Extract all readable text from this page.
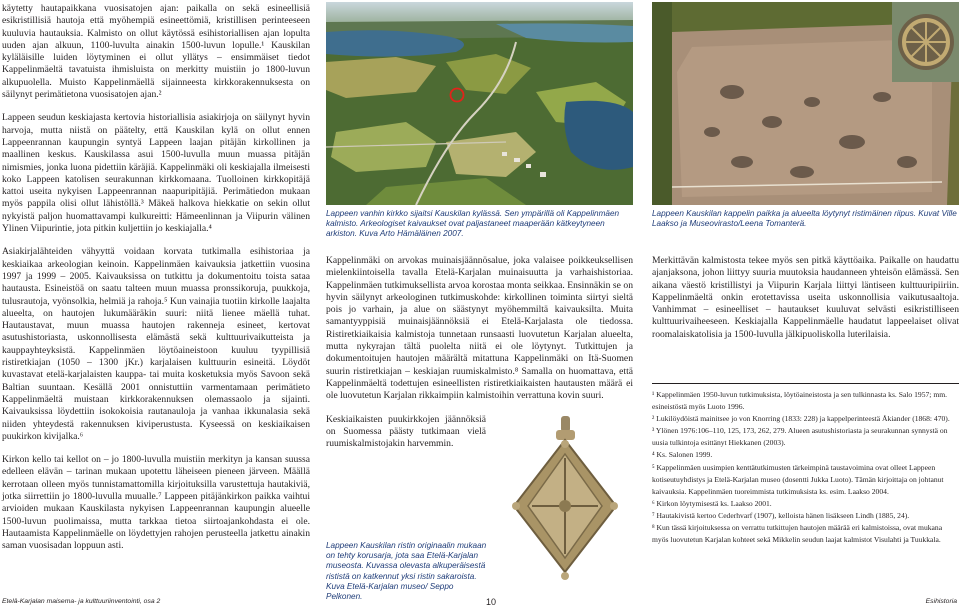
käytetty hautapaikkana vuosisatojen ajan: paikalla on sekä esineellisiä esikristillisiä hautoja että myöhempiä esineettömiä, kristillisen perinteeseen kuuluvia hautauksia. Kalmisto on ollut käytössä esihistoriallisen ajan lopulta uuden ajan alkuun, 1100-luvulta ainakin 1500-luvun lopulle.¹ Kauskilan kyläläisille luiden löytyminen ei ollut yllätys – ensimmäiset tiedot Kappelinmäeltä tavatuista ihmisluista on merkitty muistiin jo 1800-luvun alkupuolella. Muisto Kappelinmäellä sijainneesta kirkkorakennuksesta on säilynyt perimätietona vuosisatojen ajan.²

Lappeen seudun keskiajasta kertovia historiallisia asiakirjoja on säilynyt hyvin harvoja, mutta niistä on päätelty, että Kauskilan kylä on ollut ennen Lappeenrannan kaupungin syntyä Lappeen laajan pitäjän kirkollinen ja maallinen keskus. Kauskilassa asui 1500-luvulla muun muassa pitäjän nimismies, jonka luona pidettiin käräjiä. Kappelinmäki oli keskiajalla ilmeisesti koko Lappeen katolisen seurakunnan kirkkomaana. Tuolloinen kirkkopitäjä kattoi useita nykyisen Lappeenrannan naapuripitäjiä. Perimätiedon mukaan myös pappila olisi ollut lähistöllä.³ Mäkeä halkova hiekkatie on sekin ollut nykyistä paljon huomattavampi kulkureitti: Hämeenlinnan ja Viipurin välinen Ylinen Viipurintie, jota pitkin kuljettiin jo keskiajalla.⁴

Asiakirjalähteiden vähyyttä voidaan korvata tutkimalla esihistoriaa ja keskiaikaa arkeologian keinoin. Kappelinmäen kaivauksia jatkettiin vuosina 1997 ja 1999 – 2005. Kaivauksissa on tutkittu ja dokumentoitu toista sataa hautausta. Esineistöä on saatu talteen muun muassa pronssikoruja, puukkoja, tulusrautoja, vyönsolkia, helmiä ja rahoja.⁵ Kun vainajia tuotiin kirkolle laajalta alueelta, on hautojen lukumääräkin suuri: niitä lienee mäellä tuhat. Hautaustavat, muun muassa hautojen rakenneja esineet, kertovat asutushistoriasta, uskonnollisesta elämästä sekä kulttuurivaikutteista ja kauppayhteyksistä. Kappelinmäen löytöaineistoon kuuluu tyypillisiä ristiretkiajan (1050 – 1300 jKr.) karjalaisen kulttuurin esineitä. Löydöt kuvastavat etelä-karjalaisten kauppa- tai muita kosketuksia myös Savoon sekä Baltian suuntaan. Kesällä 2001 onnistuttiin varmentamaan perimätieto Kappelinmäeltä muistaan kirkkorakennuksen olemassaolo ja sijainti. Kaivauksissa löydettiin isokokoisia rautanauloja ja vanhaa ikkunalasia sekä niiden yhteydestä rakennuksen kiviperustusta. Kyseessä on keskiaikaisen puukirkon kivijalka.⁶

Kirkon kello tai kellot on – jo 1800-luvulla muistiin merkityn ja kansan suussa edelleen elävän – tarinan mukaan upotettu läheiseen pieneen järveen. Määllä kerrotaan olleen myös tunnistamattomilla kirjoituksilla varustettuja hautakiviä, jotka siirrettiin jo 1800-luvulla muualle.⁷ Lappeen pitäjänkirkon paikka vaihtui arvioiden mukaan Kauskilasta nykyisen Lappeenrannan kaupungin alueelle 1500-luvun puolimaissa, mutta tarkkaa tietoa siirtoajankohdasta ei ole. Hautaamista Kappelinmäelle on löydettyjen rahojen perusteella jatkettu ainakin saman vuosisadan loppuun asti.

Lappeen vanhin kirkko sijaitsi Kauskilan kylässä. Sen ympärillä oli Kappelinmäen kalmisto. Arkeologiset kaivaukset ovat paljastaneet maaperään kätkeytyneen arkiston. Kuva Arto Hämäläinen 2007.
Lappeen Kauskilan kappelin paikka ja alueelta löytynyt ristimäinen riipus. Kuvat Ville Laakso ja Museovirasto/Leena Tomanterä.

Kappelinmäki on arvokas muinaisjäännösalue, joka valaisee poikkeuksellisen mielenkiintoisella tavalla Etelä-Karjalan muinaisuutta ja varhaishistoriaa. Kappelinmäen tutkimuksellista arvoa korostaa monta seikkaa. Ensinnäkin se on hyvin säilynyt arkeologinen tutkimuskohde: kirkollinen toiminta siirtyi sieltä pois jo varhain, ja alue on säästynyt myöhemmiltä kaivauksilta. Muita samantyyppisiä muinaisjäännöksiä ei Etelä-Karjalasta ole tiedossa. Ristiretkiaikaisia kalmistoja tunnetaan runsaasti luovutetun Karjalan alueelta, mutta nykyrajan tältä puolelta niitä ei ole löytynyt. Tutkittujen ja dokumentoitujen hautojen määrältä mitattuna Kappelinmäki on Itä-Suomen suurin ristiretkiajan – keskiajan ruumiskalmisto.⁸ Samalla on huomattava, että Kappelinmäeltä todettujen esineellisten ristiretkiaikaisten hautausten määrä ei ole luovutetun Karjalan rikkaimpiin kalmistoihin verrattuna kovin suuri.

Keskiaikaisten puukirkkojen jäännöksiä on Suomessa päästy tutkimaan vielä ruumiskalmistojakin harvemmin.

Lappeen Kauskilan ristin originaalin mukaan on tehty korusarja, jota saa Etelä-Karjalan museosta. Kuvassa olevasta alkuperäisestä rististä on katkennut yksi ristin sakaroista. Kuva Etelä-Karjalan museo/ Seppo Pelkonen.

Merkittävän kalmistosta tekee myös sen pitkä käyttöaika. Paikalle on haudattu ajanjaksona, johon liittyy suuria muutoksia haudanneen yhteisön elämässä. Sen aikana väestö kristillistyi ja Viipurin Karjala liittyi läntiseen kulttuuripiiriin. Kappelinmäeltä onkin erotettavissa useita uskonnollisia vaikutusaaltoja. Vanhimmat – esineelliset – hautaukset kuuluvat selvästi esikristilliseen kulttuurivaiheeseen. Keskiajalla Kappelinmäelle haudatut lappeelaiset olivat roomalaiskatolisia ja 1500-luvulla jälkipuoliskolla luterilaisia.

¹ Kappelinmäen 1950-luvun tutkimuksista, löytöaineistosta ja sen tulkinnasta ks. Salo 1957; mm. esineistöstä myös Luoto 1996.

² Lukilöydöistä mainitsee jo von Knorring (1833: 228) ja kappelperinteestä Åkiander (1868: 470).

³ Ylönen 1976:106–110, 125, 173, 262, 279. Alueen asutushistoriasta ja seurakunnan synnystä on uusia tulkintoja esittänyt Hiekkanen (2003).

⁴ Ks. Salonen 1999.

⁵ Kappelinmäen uusimpien kenttätutkimusten tärkeimpinä taustavoimina ovat olleet Lappeen kotiseutuyhdistys ja Etelä-Karjalan museo (dosentti Jukka Luoto). Tämän kirjoittaja on johtanut kaivauksia. Kappelinmäen tuoreimmista tutkimuksista ks. esim. Laakso 2004.

⁶ Kirkon löytymisestä ks. Laakso 2001.

⁷ Hautakivistä kertoo Cederhvarf (1907), kelloista hänen lisäkseen Lindh (1885, 24).

⁸ Kun tässä kirjoituksessa on verrattu tutkittujen hautojen määrää eri kalmistoissa, ovat mukana myös luovutetun Karjalan kohteet sekä Mikkelin seudun laajat kalmistot Visulahti ja Tuukkala.

Etelä-Karjalan maisema- ja kulttuuriinventointi, osa 2	10	Esihistoria
